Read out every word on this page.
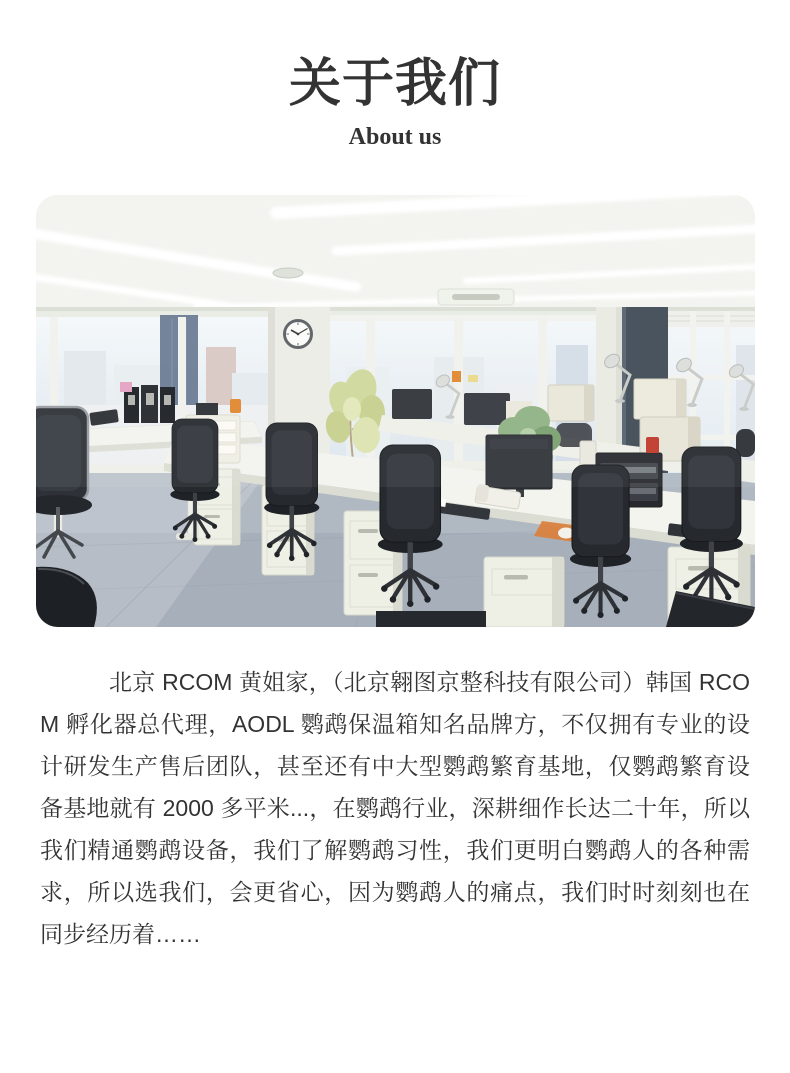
关于我们
About us

北京 RCOM 黄姐家，（北京翱图京整科技有限公司）韩国 RCOM 孵化器总代理，AODL 鹦鹉保温箱知名品牌方，不仅拥有专业的设计研发生产售后团队，甚至还有中大型鹦鹉繁育基地，仅鹦鹉繁育设备基地就有 2000 多平米...，在鹦鹉行业，深耕细作长达二十年，所以我们精通鹦鹉设备，我们了解鹦鹉习性，我们更明白鹦鹉人的各种需求，所以选我们，会更省心，因为鹦鹉人的痛点，我们时时刻刻也在同步经历着……
